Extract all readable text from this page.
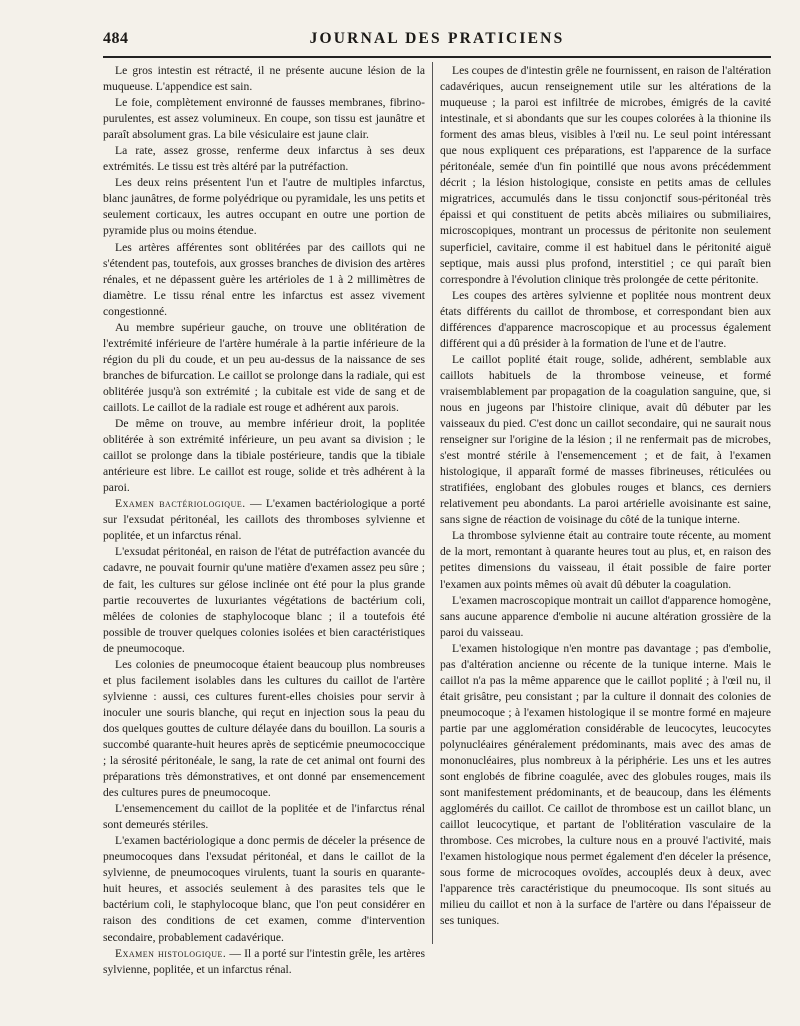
484	JOURNAL DES PRATICIENS

Le gros intestin est rétracté, il ne présente aucune lésion de la muqueuse. L'appendice est sain.

Le foie, complètement environné de fausses membranes, fibrino-purulentes, est assez volumineux. En coupe, son tissu est jaunâtre et paraît absolument gras. La bile vésiculaire est jaune clair.

La rate, assez grosse, renferme deux infarctus à ses deux extrémités. Le tissu est très altéré par la putréfaction.

Les deux reins présentent l'un et l'autre de multiples infarctus, blanc jaunâtres, de forme polyédrique ou pyramidale, les uns petits et seulement corticaux, les autres occupant en outre une portion de pyramide plus ou moins étendue.

Les artères afférentes sont oblitérées par des caillots qui ne s'étendent pas, toutefois, aux grosses branches de division des artères rénales, et ne dépassent guère les artérioles de 1 à 2 millimètres de diamètre. Le tissu rénal entre les infarctus est assez vivement congestionné.

Au membre supérieur gauche, on trouve une oblitération de l'extrémité inférieure de l'artère humérale à la partie inférieure de la région du pli du coude, et un peu au-dessus de la naissance de ses branches de bifurcation. Le caillot se prolonge dans la radiale, qui est oblitérée jusqu'à son extrémité ; la cubitale est vide de sang et de caillots. Le caillot de la radiale est rouge et adhérent aux parois.

De même on trouve, au membre inférieur droit, la poplitée oblitérée à son extrémité inférieure, un peu avant sa division ; le caillot se prolonge dans la tibiale postérieure, tandis que la tibiale antérieure est libre. Le caillot est rouge, solide et très adhérent à la paroi.

Examen bactériologique. — L'examen bactériologique a porté sur l'exsudat péritonéal, les caillots des thromboses sylvienne et poplitée, et un infarctus rénal.

L'exsudat péritonéal, en raison de l'état de putréfaction avancée du cadavre, ne pouvait fournir qu'une matière d'examen assez peu sûre ; de fait, les cultures sur gélose inclinée ont été pour la plus grande partie recouvertes de luxuriantes végétations de bactérium coli, mêlées de colonies de staphylocoque blanc ; il a toutefois été possible de trouver quelques colonies isolées et bien caractéristiques de pneumocoque.

Les colonies de pneumocoque étaient beaucoup plus nombreuses et plus facilement isolables dans les cultures du caillot de l'artère sylvienne : aussi, ces cultures furent-elles choisies pour servir à inoculer une souris blanche, qui reçut en injection sous la peau du dos quelques gouttes de culture délayée dans du bouillon. La souris a succombé quarante-huit heures après de septicémie pneumococcique ; la sérosité péritonéale, le sang, la rate de cet animal ont fourni des préparations très démonstratives, et ont donné par ensemencement des cultures pures de pneumocoque.

L'ensemencement du caillot de la poplitée et de l'infarctus rénal sont demeurés stériles.

L'examen bactériologique a donc permis de déceler la présence de pneumocoques dans l'exsudat péritonéal, et dans le caillot de la sylvienne, de pneumocoques virulents, tuant la souris en quarante-huit heures, et associés seulement à des parasites tels que le bactérium coli, le staphylocoque blanc, que l'on peut considérer en raison des conditions de cet examen, comme d'intervention secondaire, probablement cadavérique.

Examen histologique. — Il a porté sur l'intestin grêle, les artères sylvienne, poplitée, et un infarctus rénal.

Les coupes de d'intestin grêle ne fournissent, en raison de l'altération cadavériques, aucun renseignement utile sur les altérations de la muqueuse ; la paroi est infiltrée de microbes, émigrés de la cavité intestinale, et si abondants que sur les coupes colorées à la thionine ils forment des amas bleus, visibles à l'œil nu. Le seul point intéressant que nous expliquent ces préparations, est l'apparence de la surface péritonéale, semée d'un fin pointillé que nous avons précédemment décrit ; la lésion histologique, consiste en petits amas de cellules migratrices, accumulés dans le tissu conjonctif sous-péritonéal très épaissi et qui constituent de petits abcès miliaires ou submiliaires, microscopiques, montrant un processus de péritonite non seulement superficiel, cavitaire, comme il est habituel dans le péritonité aiguë septique, mais aussi plus profond, interstitiel ; ce qui paraît bien correspondre à l'évolution clinique très prolongée de cette péritonite.

Les coupes des artères sylvienne et poplitée nous montrent deux états différents du caillot de thrombose, et correspondant bien aux différences d'apparence macroscopique et au processus également différent qui a dû présider à la formation de l'une et de l'autre.

Le caillot poplité était rouge, solide, adhérent, semblable aux caillots habituels de la thrombose veineuse, et formé vraisemblablement par propagation de la coagulation sanguine, que, si nous en jugeons par l'histoire clinique, avait dû débuter par les vaisseaux du pied. C'est donc un caillot secondaire, qui ne saurait nous renseigner sur l'origine de la lésion ; il ne renfermait pas de microbes, s'est montré stérile à l'ensemencement ; et de fait, à l'examen histologique, il apparaît formé de masses fibrineuses, réticulées ou stratifiées, englobant des globules rouges et blancs, ces derniers relativement peu abondants. La paroi artérielle avoisinante est saine, sans signe de réaction de voisinage du côté de la tunique interne.

La thrombose sylvienne était au contraire toute récente, au moment de la mort, remontant à quarante heures tout au plus, et, en raison des petites dimensions du vaisseau, il était possible de faire porter l'examen aux points mêmes où avait dû débuter la coagulation.

L'examen macroscopique montrait un caillot d'apparence homogène, sans aucune apparence d'embolie ni aucune altération grossière de la paroi du vaisseau.

L'examen histologique n'en montre pas davantage ; pas d'embolie, pas d'altération ancienne ou récente de la tunique interne. Mais le caillot n'a pas la même apparence que le caillot poplité ; à l'œil nu, il était grisâtre, peu consistant ; par la culture il donnait des colonies de pneumocoque ; à l'examen histologique il se montre formé en majeure partie par une agglomération considérable de leucocytes, leucocytes polynucléaires généralement prédominants, mais avec des amas de mononucléaires, plus nombreux à la périphérie. Les uns et les autres sont englobés de fibrine coagulée, avec des globules rouges, mais ils sont manifestement prédominants, et de beaucoup, dans les éléments agglomérés du caillot. Ce caillot de thrombose est un caillot blanc, un caillot leucocytique, et partant de l'oblitération vasculaire de la thrombose. Ces microbes, la culture nous en a prouvé l'activité, mais l'examen histologique nous permet également d'en déceler la présence, sous forme de microcoques ovoïdes, accouplés deux à deux, avec l'apparence très caractéristique du pneumocoque. Ils sont situés au milieu du caillot et non à la surface de l'artère ou dans l'épaisseur de ses tuniques.
